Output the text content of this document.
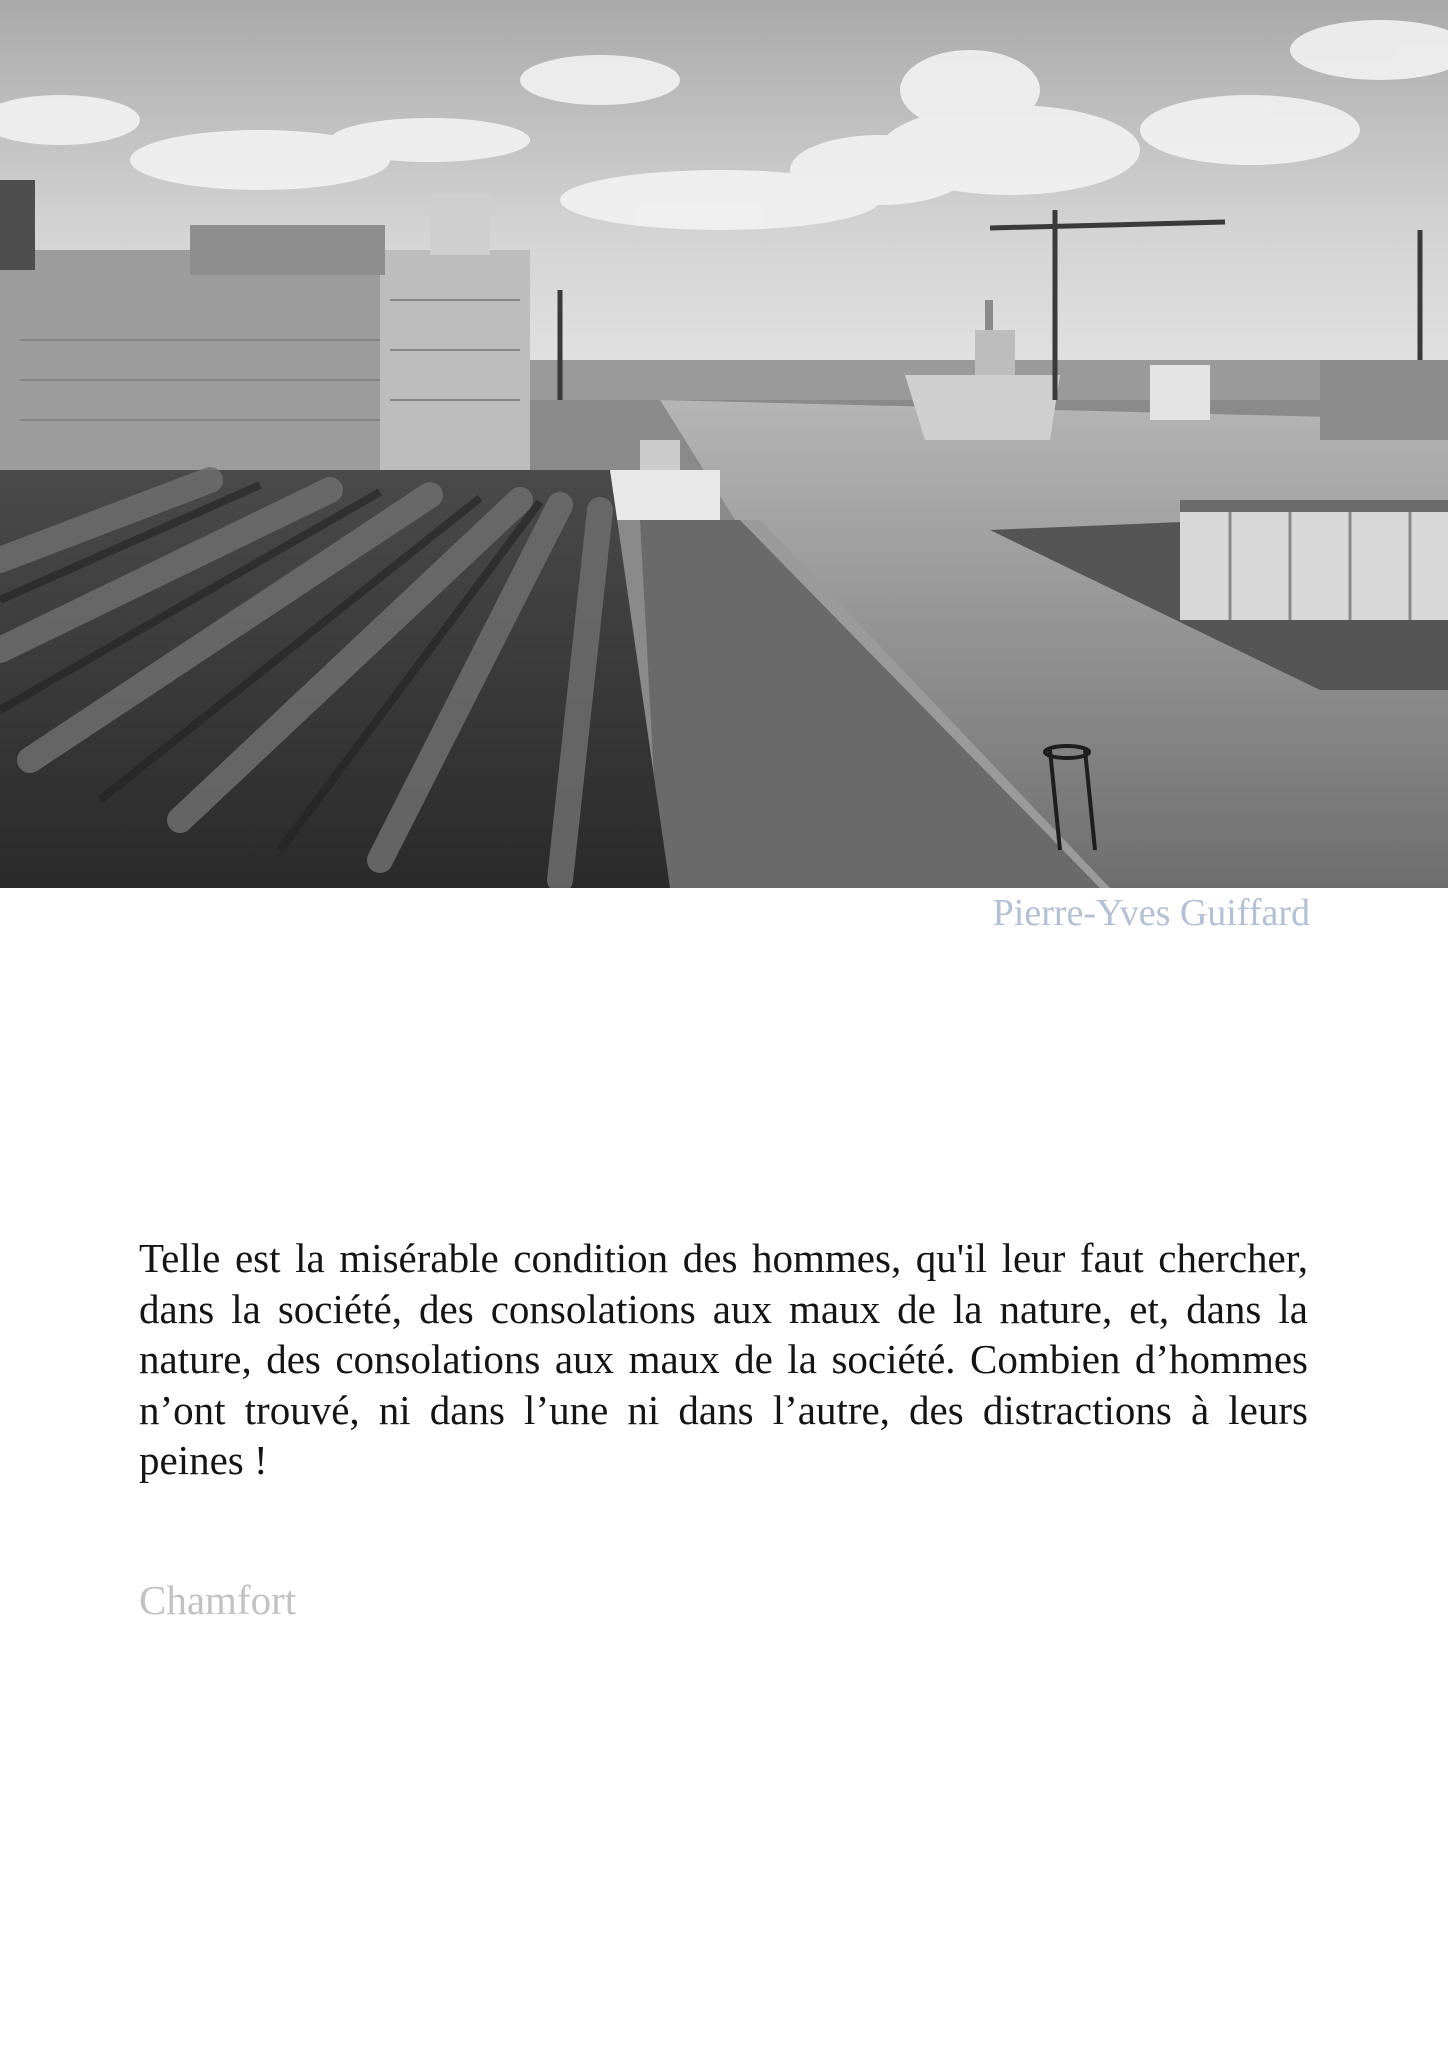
Pierre-Yves Guiffard

Telle est la misérable condition des hommes, qu'il leur faut chercher, dans la société, des consolations aux maux de la nature, et, dans la nature, des consolations aux maux de la société. Combien d’hommes n’ont trouvé, ni dans l’une ni dans l’autre, des distractions à leurs peines !

Chamfort
